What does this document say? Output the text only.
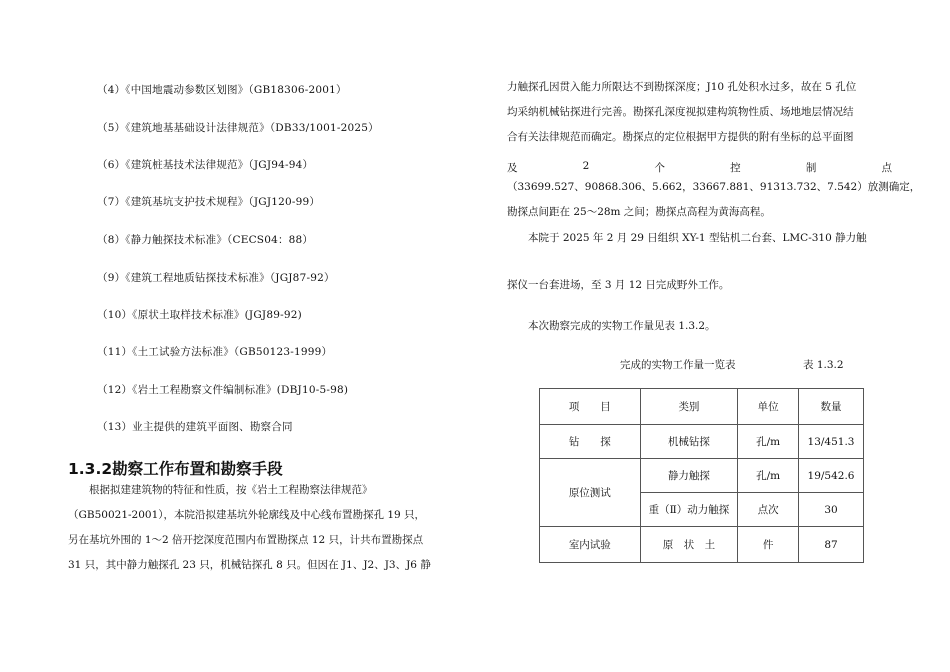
（4）《中国地震动参数区划图》（GB18306-2001）
（5）《建筑地基基础设计法律规范》（DB33/1001-2025）
（6）《建筑桩基技术法律规范》（JGJ94-94）
（7）《建筑基坑支护技术规程》（JGJ120-99）
（8）《静力触探技术标准》（CECS04：88）
（9）《建筑工程地质钻探技术标准》（JGJ87-92）
（10）《原状土取样技术标准》(JGJ89-92)
（11）《土工试验方法标准》（GB50123-1999）
（12）《岩土工程勘察文件编制标准》(DBJ10-5-98)
（13）业主提供的建筑平面图、勘察合同
1.3.2勘察工作布置和勘察手段
　　根据拟建建筑物的特征和性质，按《岩土工程勘察法律规范》
（GB50021-2001），本院沿拟建基坑外轮廓线及中心线布置勘探孔 19 只，
另在基坑外围的 1～2 倍开挖深度范围内布置勘探点 12 只，计共布置勘探点
31 只，其中静力触探孔 23 只，机械钻探孔 8 只。但因在 J1、J2、J3、J6 静
力触探孔因贯入能力所限达不到勘探深度；J10 孔处积水过多，故在 5 孔位
均采纳机械钻探进行完善。勘探孔深度视拟建构筑物性质、场地地层情况结
合有关法律规范而确定。勘探点的定位根据甲方提供的附有坐标的总平面图
及	2	个	控	制	点
（33699.527、90868.306、5.662，33667.881、91313.732、7.542）放测确定，
勘探点间距在 25～28m 之间；勘探点高程为黄海高程。
　　本院于 2025 年 2 月 29 日组织 XY-1 型钻机二台套、LMC-310 静力触
探仪一台套进场，至 3 月 12 日完成野外工作。
　　本次勘察完成的实物工作量见表 1.3.2。
完成的实物工作量一览表	表 1.3.2
项　　目	类别	单位	数量
钻　　探	机械钻探	孔/m	13/451.3
原位测试	静力触探	孔/m	19/542.6
	重（Ⅱ）动力触探	点次	30
室内试验	原　状　土	件	87
